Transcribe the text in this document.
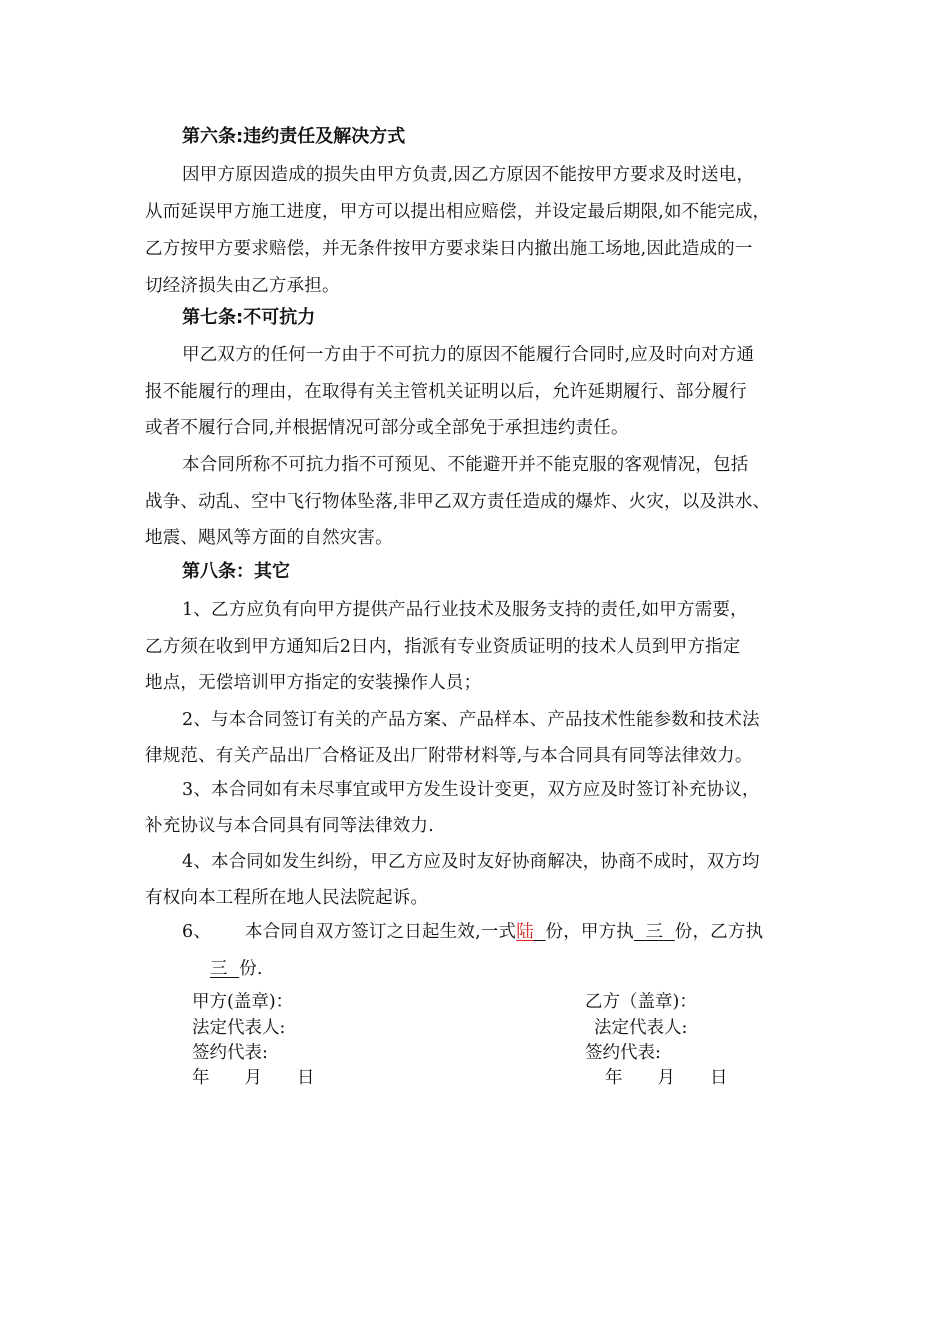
第六条:违约责任及解决方式
因甲方原因造成的损失由甲方负责,因乙方原因不能按甲方要求及时送电，
从而延误甲方施工进度，甲方可以提出相应赔偿，并设定最后期限,如不能完成，
乙方按甲方要求赔偿，并无条件按甲方要求柒日内撤出施工场地,因此造成的一
切经济损失由乙方承担。
第七条:不可抗力
甲乙双方的任何一方由于不可抗力的原因不能履行合同时,应及时向对方通
报不能履行的理由，在取得有关主管机关证明以后，允许延期履行、部分履行
或者不履行合同,并根据情况可部分或全部免于承担违约责任。
本合同所称不可抗力指不可预见、不能避开并不能克服的客观情况，包括
战争、动乱、空中飞行物体坠落,非甲乙双方责任造成的爆炸、火灾，以及洪水、
地震、飓风等方面的自然灾害。
第八条：其它
1、乙方应负有向甲方提供产品行业技术及服务支持的责任,如甲方需要，
乙方须在收到甲方通知后2日内，指派有专业资质证明的技术人员到甲方指定
地点，无偿培训甲方指定的安装操作人员；
2、与本合同签订有关的产品方案、产品样本、产品技术性能参数和技术法
律规范、有关产品出厂合格证及出厂附带材料等,与本合同具有同等法律效力。
3、本合同如有未尽事宜或甲方发生设计变更，双方应及时签订补充协议，
补充协议与本合同具有同等法律效力.
4、本合同如发生纠纷，甲乙方应及时友好协商解决，协商不成时，双方均
有权向本工程所在地人民法院起诉。
6、 本合同自双方签订之日起生效,一式陆 份，甲方执 三 份，乙方执
三 份.
甲方(盖章)：	乙方（盖章)：
法定代表人:	法定代表人:
签约代表:	签约代表:
年　　月　　日	年　　月　　日
